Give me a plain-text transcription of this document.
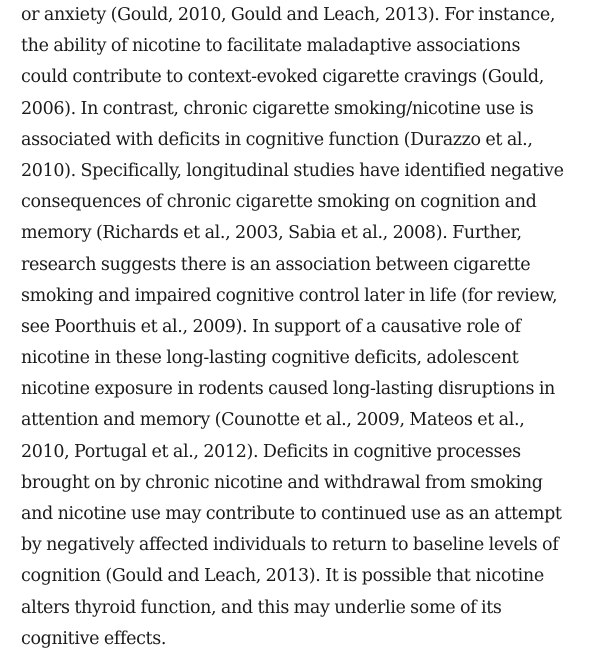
or anxiety (Gould, 2010, Gould and Leach, 2013). For instance,
the ability of nicotine to facilitate maladaptive associations
could contribute to context-evoked cigarette cravings (Gould,
2006). In contrast, chronic cigarette smoking/nicotine use is
associated with deficits in cognitive function (Durazzo et al.,
2010). Specifically, longitudinal studies have identified negative
consequences of chronic cigarette smoking on cognition and
memory (Richards et al., 2003, Sabia et al., 2008). Further,
research suggests there is an association between cigarette
smoking and impaired cognitive control later in life (for review,
see Poorthuis et al., 2009). In support of a causative role of
nicotine in these long-lasting cognitive deficits, adolescent
nicotine exposure in rodents caused long-lasting disruptions in
attention and memory (Counotte et al., 2009, Mateos et al.,
2010, Portugal et al., 2012). Deficits in cognitive processes
brought on by chronic nicotine and withdrawal from smoking
and nicotine use may contribute to continued use as an attempt
by negatively affected individuals to return to baseline levels of
cognition (Gould and Leach, 2013). It is possible that nicotine
alters thyroid function, and this may underlie some of its
cognitive effects.
